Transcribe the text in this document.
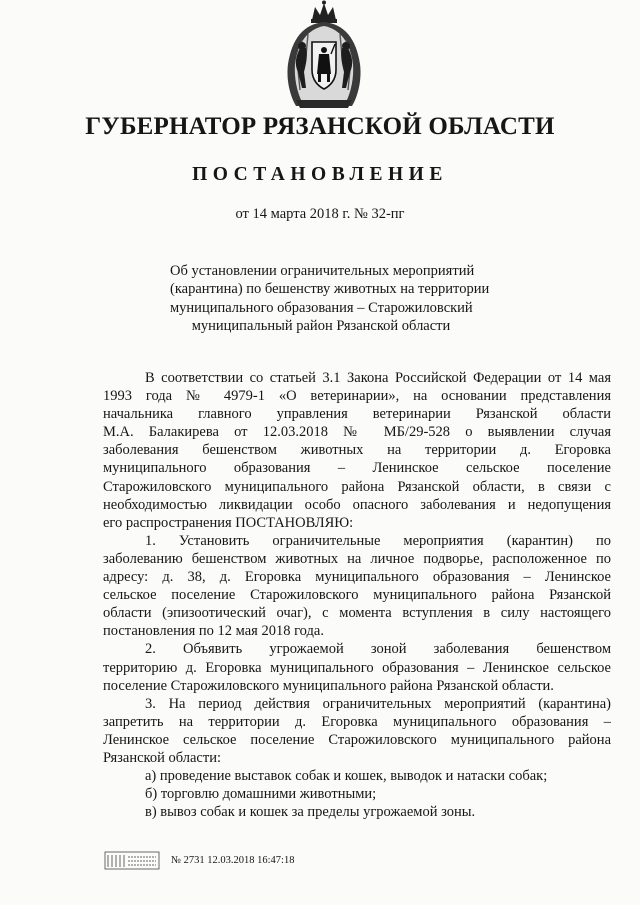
ГУБЕРНАТОР РЯЗАНСКОЙ ОБЛАСТИ
ПОСТАНОВЛЕНИЕ
от 14 марта 2018 г. № 32-пг
Об установлении ограничительных мероприятий
(карантина) по бешенству животных на территории
муниципального образования – Старожиловский
муниципальный район Рязанской области
В соответствии со статьей 3.1 Закона Российской Федерации от 14 мая
1993 года № 4979-1 «О ветеринарии», на основании представления
начальника главного управления ветеринарии Рязанской области
М.А. Балакирева от 12.03.2018 № МБ/29-528 о выявлении случая
заболевания бешенством животных на территории д. Егоровка
муниципального образования – Ленинское сельское поселение
Старожиловского муниципального района Рязанской области, в связи с
необходимостью ликвидации особо опасного заболевания и недопущения
его распространения ПОСТАНОВЛЯЮ:
1. Установить ограничительные мероприятия (карантин) по
заболеванию бешенством животных на личное подворье, расположенное по
адресу: д. 38, д. Егоровка муниципального образования – Ленинское
сельское поселение Старожиловского муниципального района Рязанской
области (эпизоотический очаг), с момента вступления в силу настоящего
постановления по 12 мая 2018 года.
2. Объявить угрожаемой зоной заболевания бешенством
территорию д. Егоровка муниципального образования – Ленинское сельское
поселение Старожиловского муниципального района Рязанской области.
3. На период действия ограничительных мероприятий (карантина)
запретить на территории д. Егоровка муниципального образования –
Ленинское сельское поселение Старожиловского муниципального района
Рязанской области:
а) проведение выставок собак и кошек, выводок и натаски собак;
б) торговлю домашними животными;
в) вывоз собак и кошек за пределы угрожаемой зоны.
№ 2731 12.03.2018 16:47:18
